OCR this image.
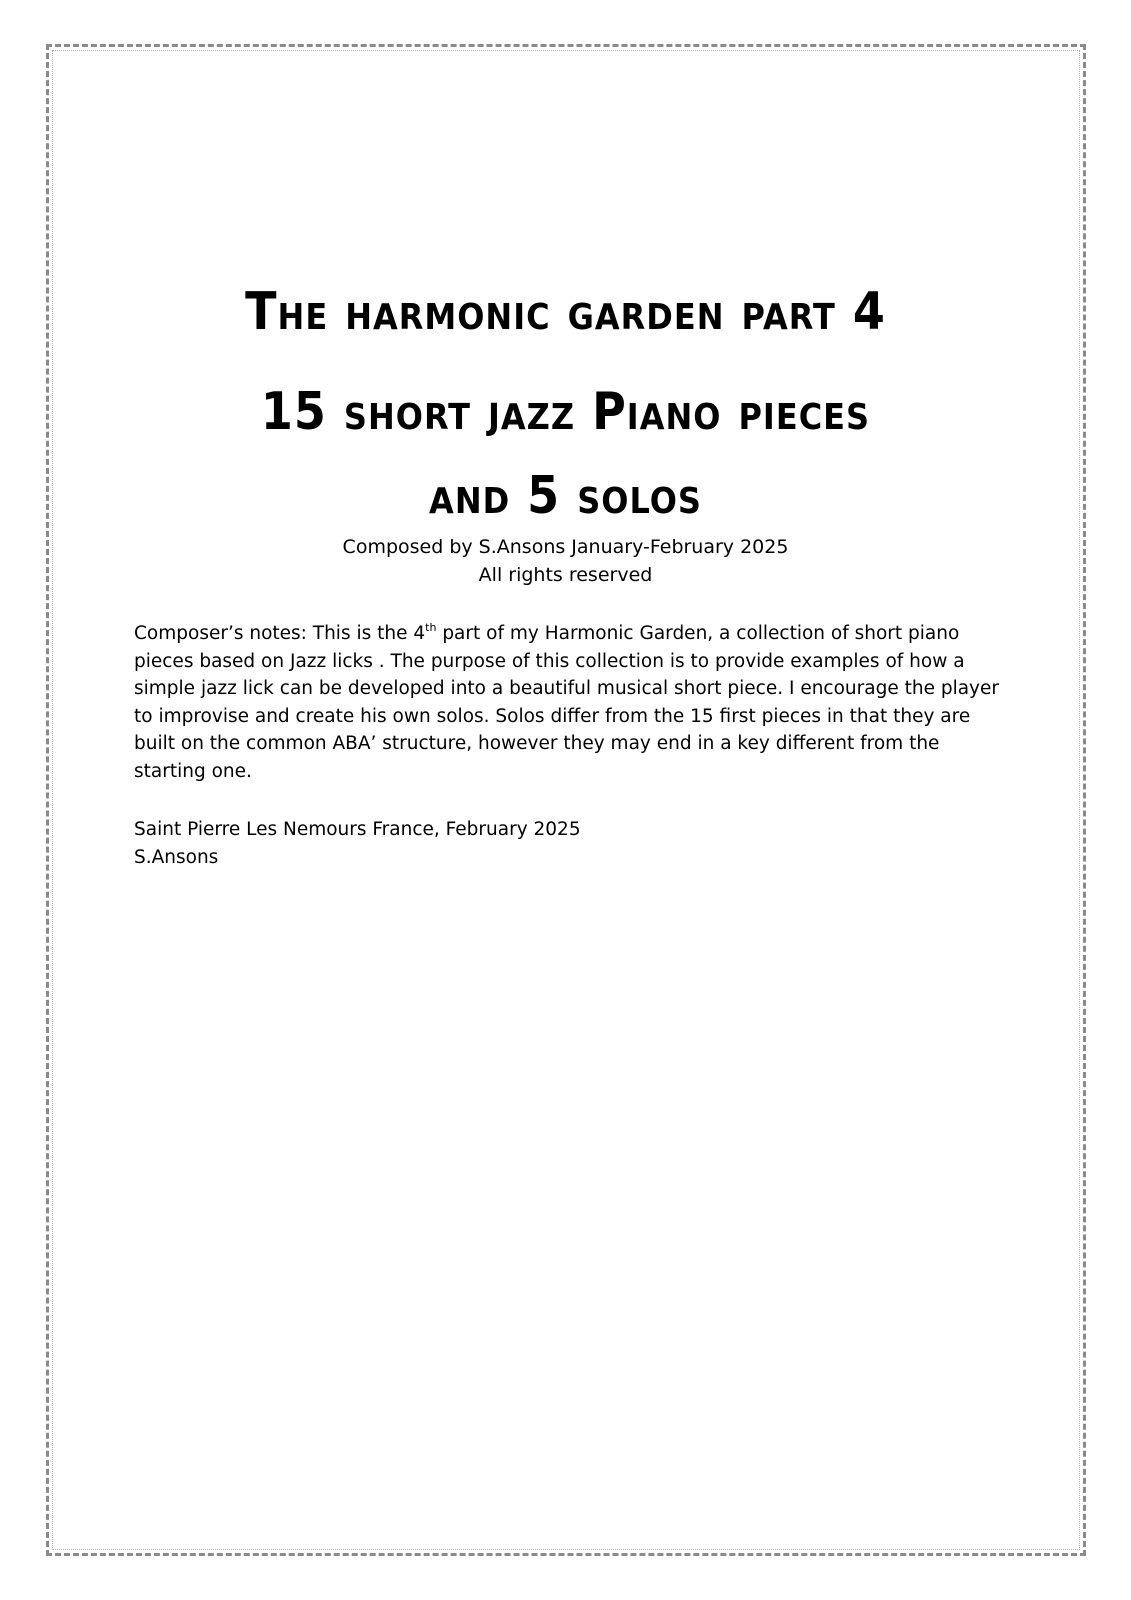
The harmonic garden part 4
15 short jazz Piano pieces
and 5 solos
Composed by S.Ansons January-February 2025
All rights reserved
Composer’s notes: This is the 4th part of my Harmonic Garden, a collection of short piano pieces based on Jazz licks . The purpose of this collection is to provide examples of how a simple jazz lick can be developed into a beautiful musical short piece. I encourage the player to improvise and create his own solos. Solos differ from the 15 first pieces in that they are built on the common ABA’ structure, however they may end in a key different from the starting one.
Saint Pierre Les Nemours France, February 2025
S.Ansons
